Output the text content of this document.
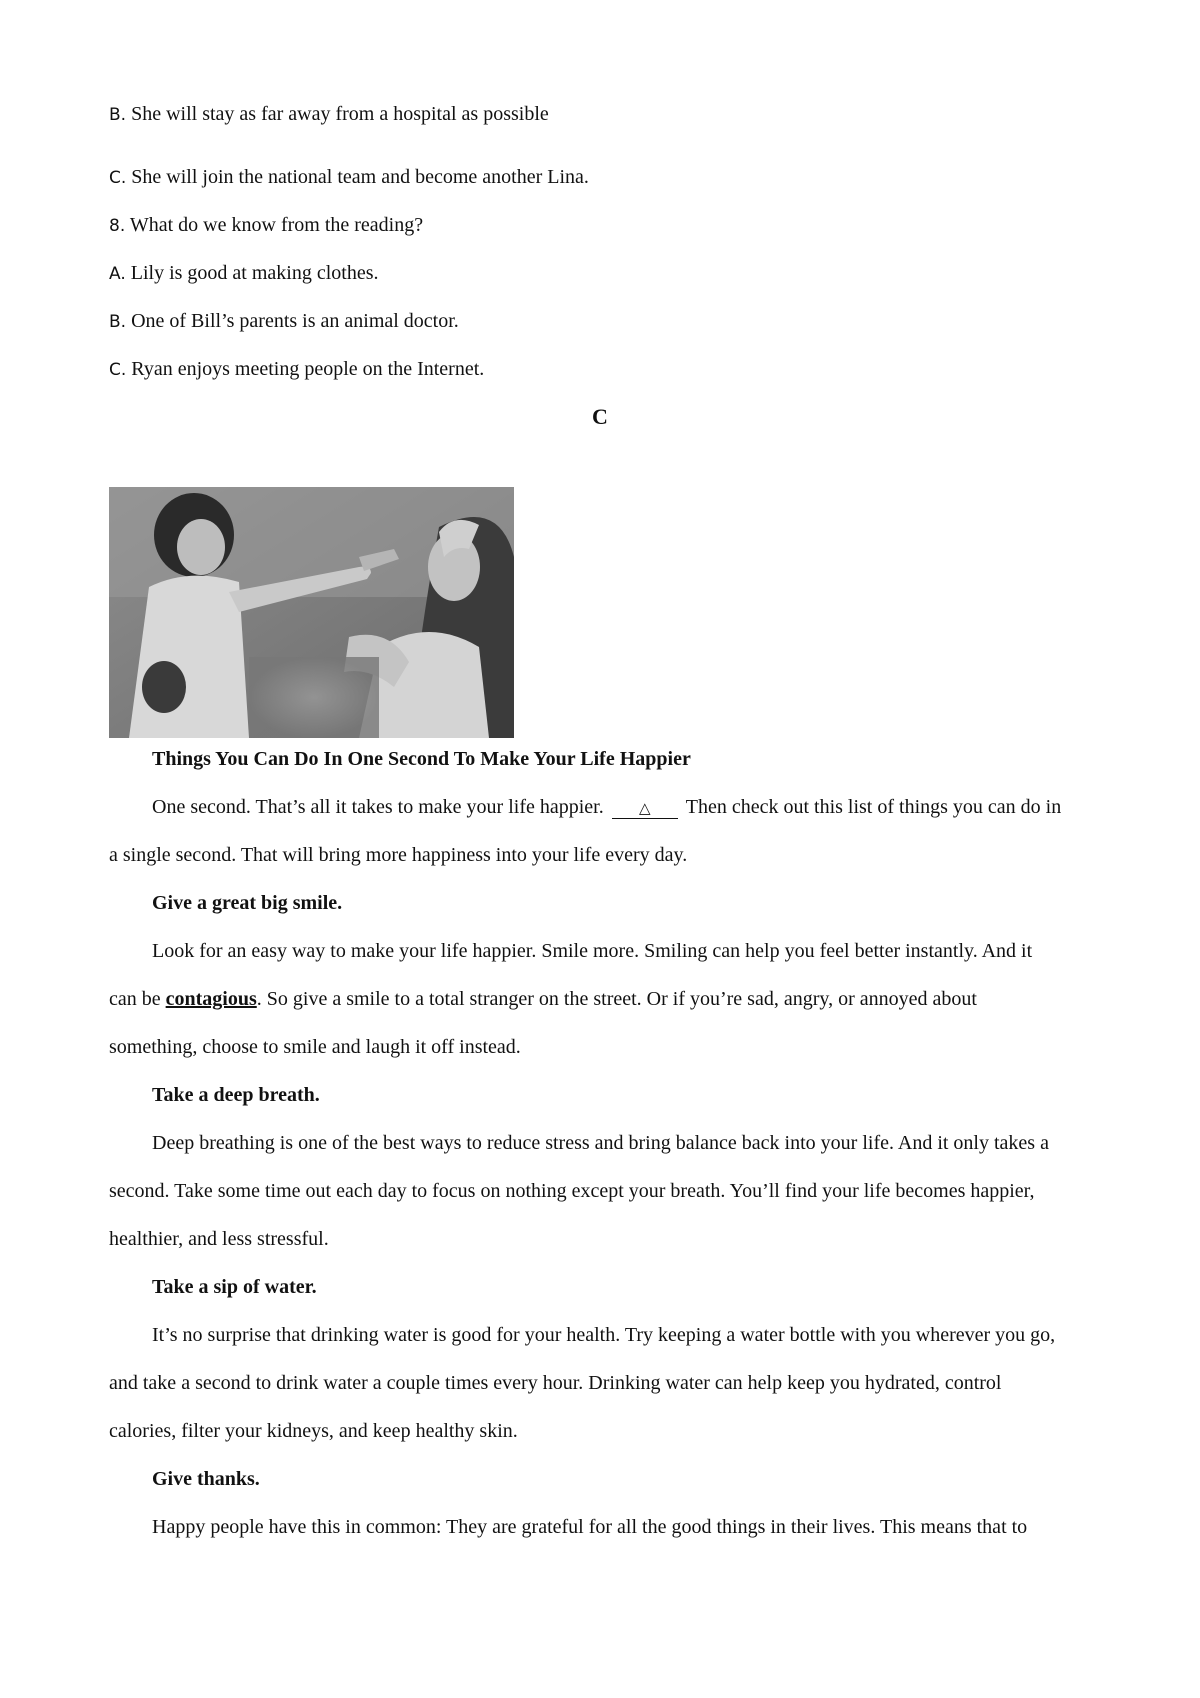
B. She will stay as far away from a hospital as possible
C. She will join the national team and become another Lina.
8. What do we know from the reading?
A. Lily is good at making clothes.
B. One of Bill’s parents is an animal doctor.
C. Ryan enjoys meeting people on the Internet.
C
Things You Can Do In One Second To Make Your Life Happier
One second. That’s all it takes to make your life happier. △ Then check out this list of things you can do in
a single second. That will bring more happiness into your life every day.
Give a great big smile.
Look for an easy way to make your life happier. Smile more. Smiling can help you feel better instantly. And it
can be contagious. So give a smile to a total stranger on the street. Or if you’re sad, angry, or annoyed about
something, choose to smile and laugh it off instead.
Take a deep breath.
Deep breathing is one of the best ways to reduce stress and bring balance back into your life. And it only takes a
second. Take some time out each day to focus on nothing except your breath. You’ll find your life becomes happier,
healthier, and less stressful.
Take a sip of water.
It’s no surprise that drinking water is good for your health. Try keeping a water bottle with you wherever you go,
and take a second to drink water a couple times every hour. Drinking water can help keep you hydrated, control
calories, filter your kidneys, and keep healthy skin.
Give thanks.
Happy people have this in common: They are grateful for all the good things in their lives. This means that to
